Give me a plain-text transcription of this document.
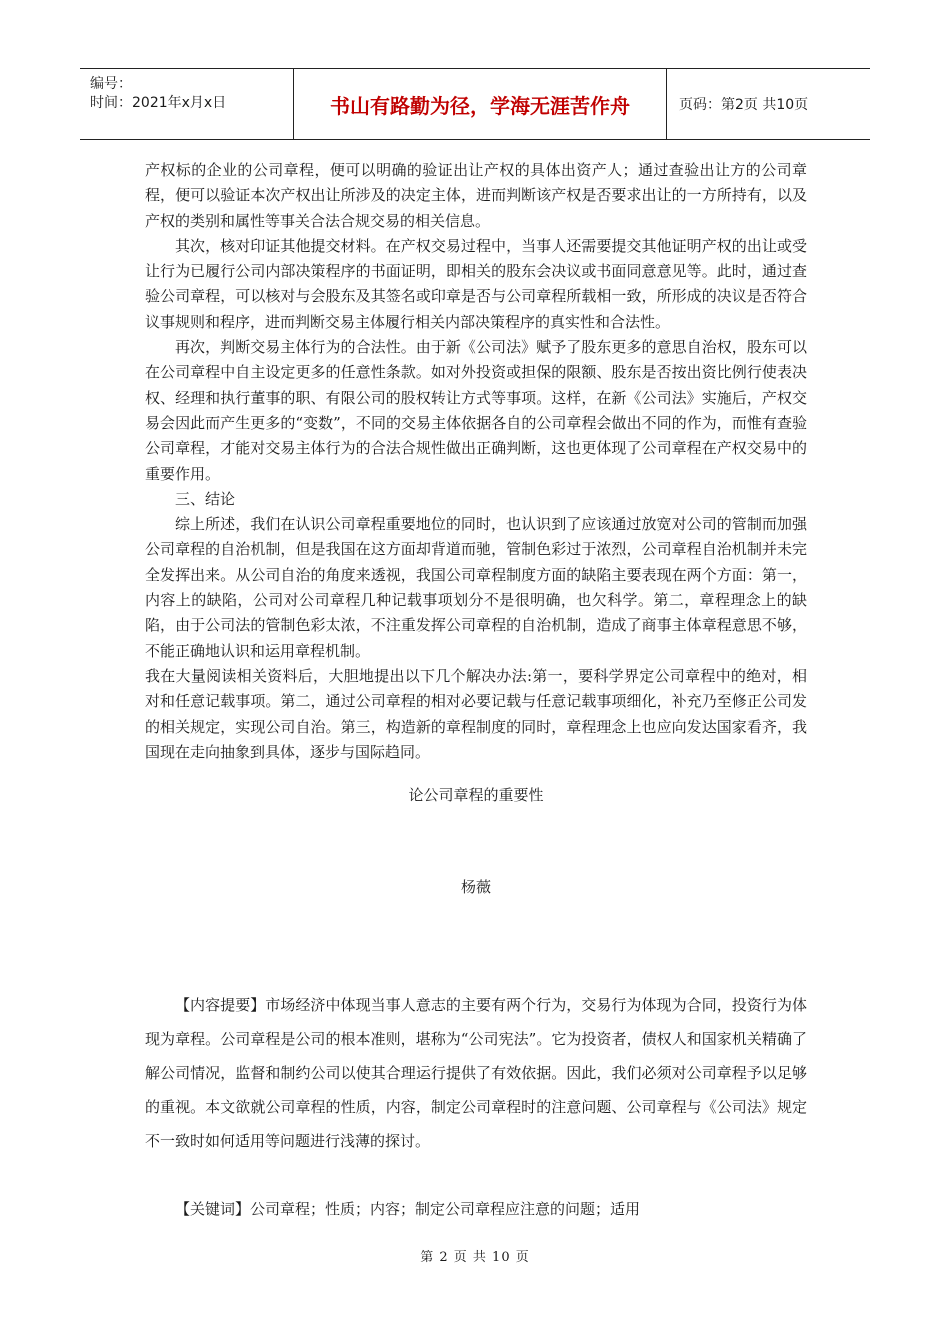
编号：
时间：2021年x月x日	书山有路勤为径，学海无涯苦作舟	页码：第2页 共10页

产权标的企业的公司章程，便可以明确的验证出让产权的具体出资产人；通过查验出让方的公司章程，便可以验证本次产权出让所涉及的决定主体，进而判断该产权是否要求出让的一方所持有，以及产权的类别和属性等事关合法合规交易的相关信息。

其次，核对印证其他提交材料。在产权交易过程中，当事人还需要提交其他证明产权的出让或受让行为已履行公司内部决策程序的书面证明，即相关的股东会决议或书面同意意见等。此时，通过查验公司章程，可以核对与会股东及其签名或印章是否与公司章程所载相一致，所形成的决议是否符合议事规则和程序，进而判断交易主体履行相关内部决策程序的真实性和合法性。

再次，判断交易主体行为的合法性。由于新《公司法》赋予了股东更多的意思自治权，股东可以在公司章程中自主设定更多的任意性条款。如对外投资或担保的限额、股东是否按出资比例行使表决权、经理和执行董事的职、有限公司的股权转让方式等事项。这样，在新《公司法》实施后，产权交易会因此而产生更多的“变数”，不同的交易主体依据各自的公司章程会做出不同的作为，而惟有查验公司章程，才能对交易主体行为的合法合规性做出正确判断，这也更体现了公司章程在产权交易中的重要作用。

三、结论

综上所述，我们在认识公司章程重要地位的同时，也认识到了应该通过放宽对公司的管制而加强公司章程的自治机制，但是我国在这方面却背道而驰，管制色彩过于浓烈，公司章程自治机制并未完全发挥出来。从公司自治的角度来透视，我国公司章程制度方面的缺陷主要表现在两个方面：第一，内容上的缺陷，公司对公司章程几种记载事项划分不是很明确，也欠科学。第二，章程理念上的缺陷，由于公司法的管制色彩太浓，不注重发挥公司章程的自治机制，造成了商事主体章程意思不够，不能正确地认识和运用章程机制。

我在大量阅读相关资料后，大胆地提出以下几个解决办法:第一，要科学界定公司章程中的绝对，相对和任意记载事项。第二，通过公司章程的相对必要记载与任意记载事项细化，补充乃至修正公司发的相关规定，实现公司自治。第三，构造新的章程制度的同时，章程理念上也应向发达国家看齐，我国现在走向抽象到具体，逐步与国际趋同。

论公司章程的重要性
杨薇

【内容提要】市场经济中体现当事人意志的主要有两个行为，交易行为体现为合同，投资行为体现为章程。公司章程是公司的根本准则，堪称为“公司宪法”。它为投资者，债权人和国家机关精确了解公司情况，监督和制约公司以使其合理运行提供了有效依据。因此，我们必须对公司章程予以足够的重视。本文欲就公司章程的性质，内容，制定公司章程时的注意问题、公司章程与《公司法》规定不一致时如何适用等问题进行浅薄的探讨。

【关键词】公司章程；性质；内容；制定公司章程应注意的问题；适用
第 2 页 共 10 页
